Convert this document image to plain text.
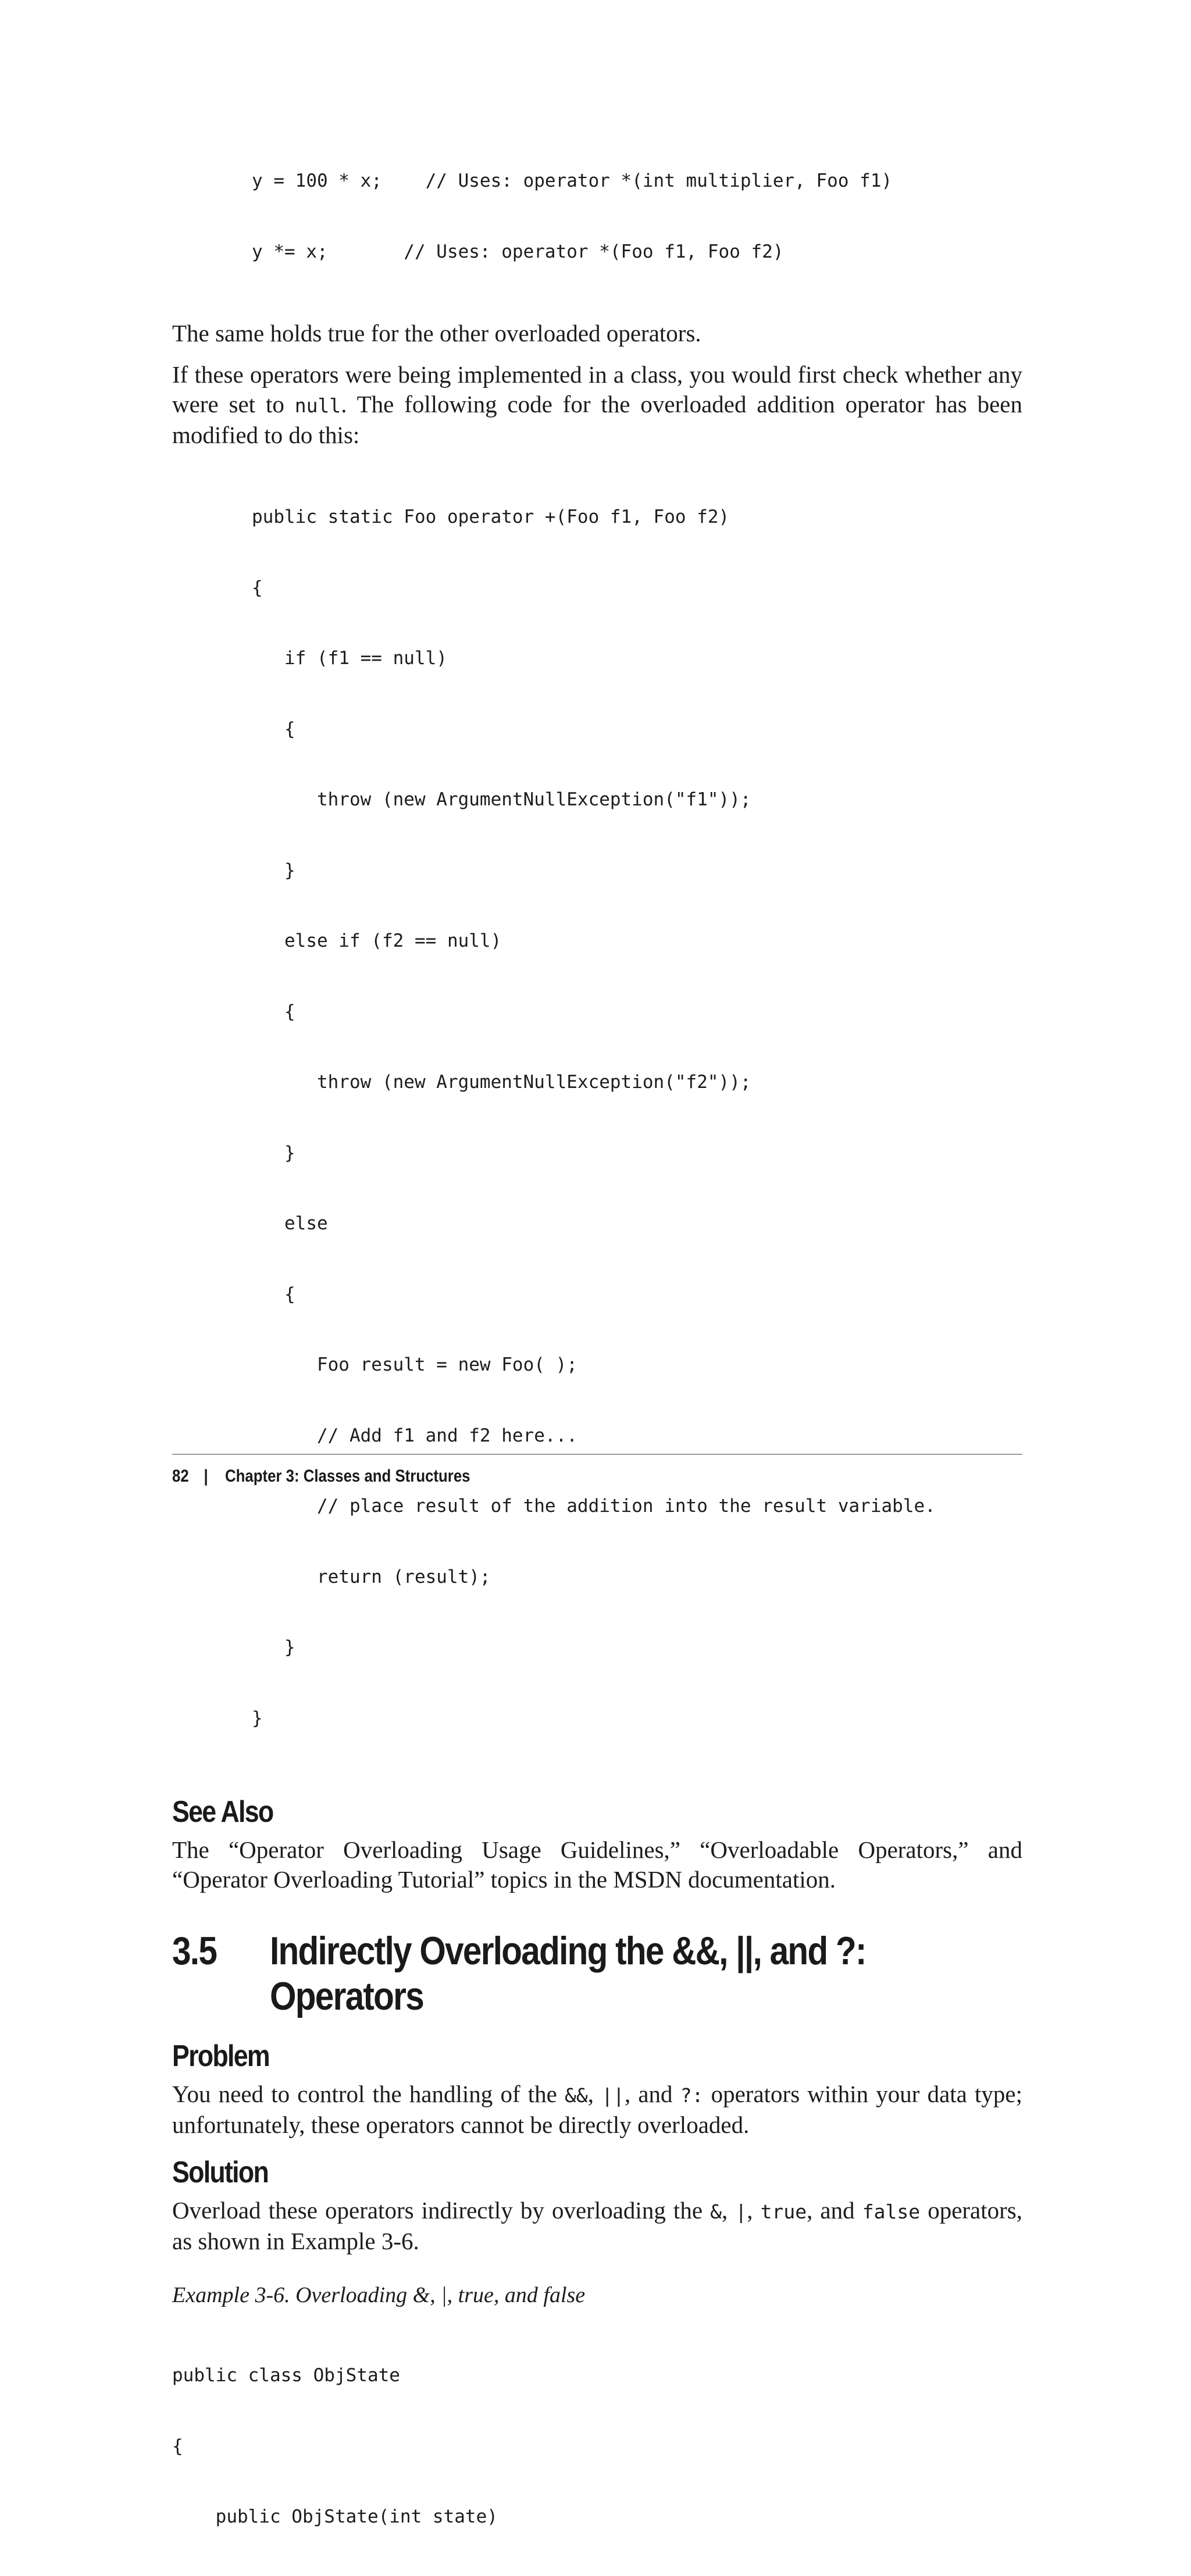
y = 100 * x;    // Uses: operator *(int multiplier, Foo f1)

y *= x;       // Uses: operator *(Foo f1, Foo f2)

The same holds true for the other overloaded operators.

If these operators were being implemented in a class, you would first check whether any were set to null. The following code for the overloaded addition operator has been modified to do this:

public static Foo operator +(Foo f1, Foo f2)

{

if (f1 == null)

{

throw (new ArgumentNullException("f1"));

}

else if (f2 == null)

{

throw (new ArgumentNullException("f2"));

}

else

{

Foo result = new Foo( );

// Add f1 and f2 here...

// place result of the addition into the result variable.

return (result);

}

}

See Also

The “Operator Overloading Usage Guidelines,” “Overloadable Operators,” and “Operator Overloading Tutorial” topics in the MSDN documentation.

3.5	Indirectly Overloading the &&, ||, and ?: Operators
Problem

You need to control the handling of the &&, ||, and ?: operators within your data type; unfortunately, these operators cannot be directly overloaded.

Solution

Overload these operators indirectly by overloading the &, |, true, and false operators, as shown in Example 3-6.

Example 3-6. Overloading &, |, true, and false

public class ObjState

{

public ObjState(int state)

82 | Chapter 3: Classes and Structures
